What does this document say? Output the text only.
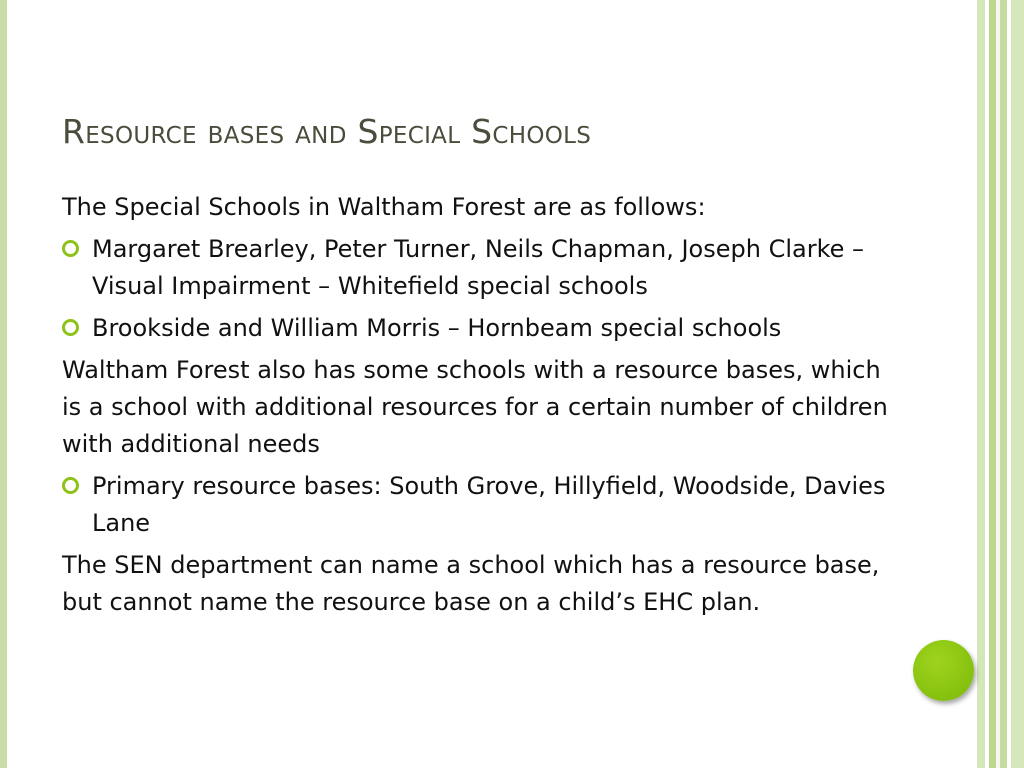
Resource bases and Special Schools

The Special Schools in Waltham Forest are as follows:

Margaret Brearley, Peter Turner, Neils Chapman, Joseph Clarke – Visual Impairment – Whitefield special schools
Brookside and William Morris – Hornbeam special schools

Waltham Forest also has some schools with a resource bases, which is a school with additional resources for a certain number of children with additional needs

Primary resource bases: South Grove, Hillyfield, Woodside, Davies Lane

The SEN department can name a school which has a resource base, but cannot name the resource base on a child’s EHC plan.
